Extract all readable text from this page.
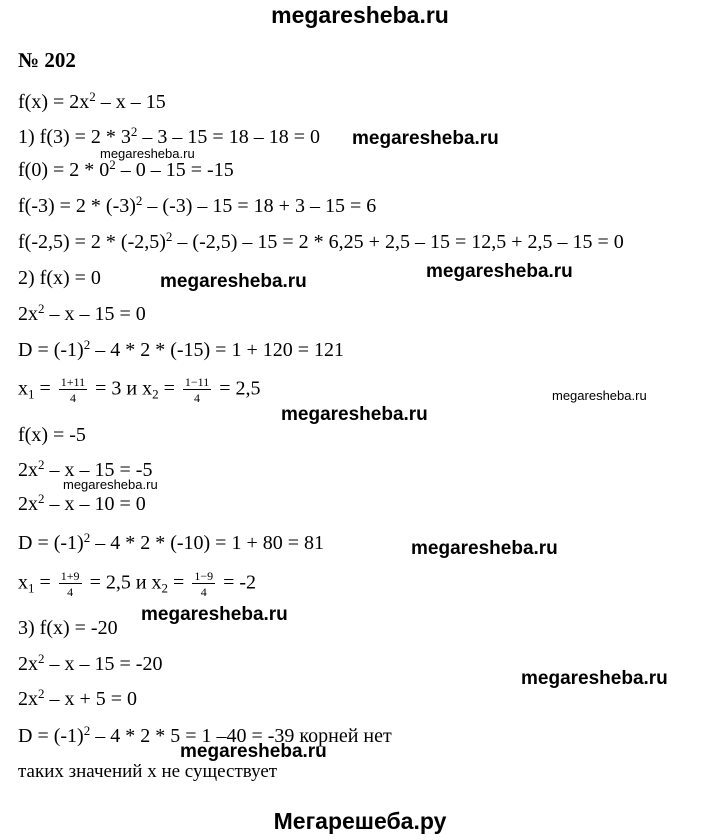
megaresheba.ru
№ 202
$f(x) = 2x^2 - x - 15$
1) $f(3) = 2 * 3^2 - 3 - 15 = 18 - 18 = 0$
$f(0) = 2 * 0^2 - 0 - 15 = -15$
$f(-3) = 2 * (-3)^2 - (-3) - 15 = 18 + 3 - 15 = 6$
$f(-2,5) = 2 * (-2,5)^2 - (-2,5) - 15 = 2 * 6,25 + 2,5 - 15 = 12,5 + 2,5 - 15 = 0$
2) f(x) = 0
$2x^2 - x - 15 = 0$
$D = (-1)^2 - 4 * 2 * (-15) = 1 + 120 = 121$
$x_1 = \frac{1+11}{4} = 3$ и $x_2 = \frac{1-11}{4} = 2,5$
f(x) = -5
$2x^2 - x - 15 = -5$
$2x^2 - x - 10 = 0$
$D = (-1)^2 - 4 * 2 * (-10) = 1 + 80 = 81$
$x_1 = \frac{1+9}{4} = 2,5$ и $x_2 = \frac{1-9}{4} = -2$
3) f(x) = -20
$2x^2 - x - 15 = -20$
$2x^2 - x + 5 = 0$
$D = (-1)^2 - 4 * 2 * 5 = 1$ –40 = -39 корней нет
таких значений x не существует
megaresheba.ru
megaresheba.ru
megaresheba.ru	megaresheba.ru
megaresheba.ru
megaresheba.ru
megaresheba.ru
megaresheba.ru
megaresheba.ru
megaresheba.ru
megaresheba.ru
Мегарешеба.ру
